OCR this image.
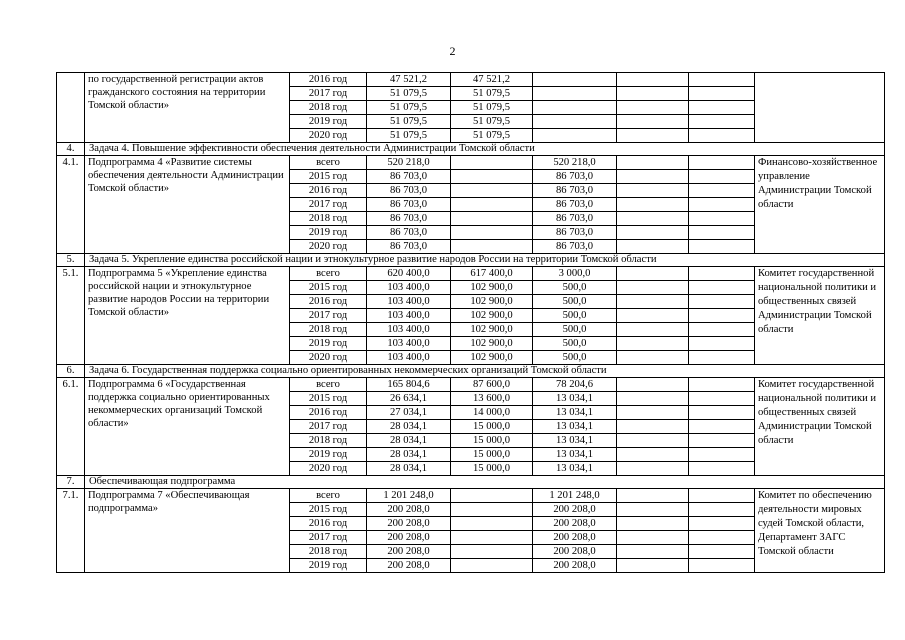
2
	по государственной регистрации актов гражданского состояния на территории Томской области»	2016 год	47 521,2	47 521,2				
		2017 год	51 079,5	51 079,5				
		2018 год	51 079,5	51 079,5				
		2019 год	51 079,5	51 079,5				
		2020 год	51 079,5	51 079,5				
4.	Задача 4. Повышение эффективности обеспечения деятельности Администрации Томской области							
4.1.	Подпрограмма 4 «Развитие системы обеспечения деятельности Администрации Томской области»	всего	520 218,0		520 218,0			Финансово-хозяйственное управление Администрации Томской области
		2015 год	86 703,0		86 703,0			
		2016 год	86 703,0		86 703,0			
		2017 год	86 703,0		86 703,0			
		2018 год	86 703,0		86 703,0			
		2019 год	86 703,0		86 703,0			
		2020 год	86 703,0		86 703,0			
5.	Задача 5. Укрепление единства российской нации и этнокультурное развитие народов России на территории Томской области							
5.1.	Подпрограмма 5 «Укрепление единства российской нации и этнокультурное развитие народов России на территории Томской области»	всего	620 400,0	617 400,0	3 000,0			Комитет государственной национальной политики и общественных связей Администрации Томской области
		2015 год	103 400,0	102 900,0	500,0			
		2016 год	103 400,0	102 900,0	500,0			
		2017 год	103 400,0	102 900,0	500,0			
		2018 год	103 400,0	102 900,0	500,0			
		2019 год	103 400,0	102 900,0	500,0			
		2020 год	103 400,0	102 900,0	500,0			
6.	Задача 6. Государственная поддержка социально ориентированных некоммерческих организаций Томской области							
6.1.	Подпрограмма 6 «Государственная поддержка социально ориентированных некоммерческих организаций Томской области»	всего	165 804,6	87 600,0	78 204,6			Комитет государственной национальной политики и общественных связей Администрации Томской области
		2015 год	26 634,1	13 600,0	13 034,1			
		2016 год	27 034,1	14 000,0	13 034,1			
		2017 год	28 034,1	15 000,0	13 034,1			
		2018 год	28 034,1	15 000,0	13 034,1			
		2019 год	28 034,1	15 000,0	13 034,1			
		2020 год	28 034,1	15 000,0	13 034,1			
7.	Обеспечивающая подпрограмма							
7.1.	Подпрограмма 7 «Обеспечивающая подпрограмма»	всего	1 201 248,0		1 201 248,0			Комитет по обеспечению деятельности мировых судей Томской области, Департамент ЗАГС Томской области
		2015 год	200 208,0		200 208,0			
		2016 год	200 208,0		200 208,0			
		2017 год	200 208,0		200 208,0			
		2018 год	200 208,0		200 208,0			
		2019 год	200 208,0		200 208,0			
